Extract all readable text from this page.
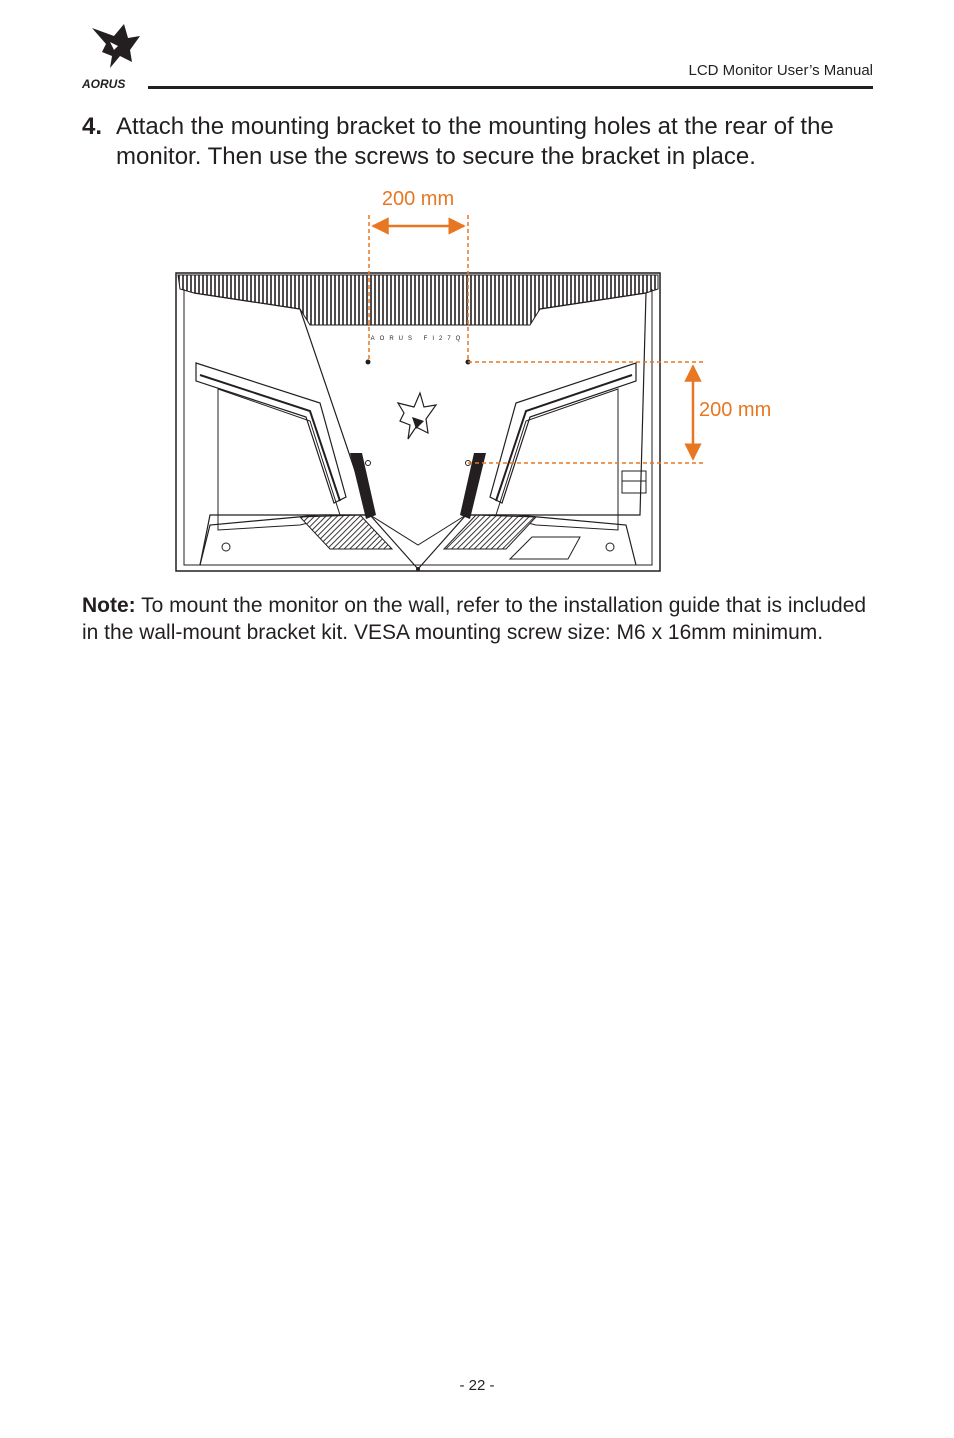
AORUS
LCD Monitor User’s Manual
4. Attach the mounting bracket to the mounting holes at the rear of the monitor. Then use the screws to secure the bracket in place.
AORUS FI27Q
200 mm
200 mm
Note: To mount the monitor on the wall, refer to the installation guide that is included in the wall-mount bracket kit. VESA mounting screw size: M6 x 16mm minimum.
- 22 -
